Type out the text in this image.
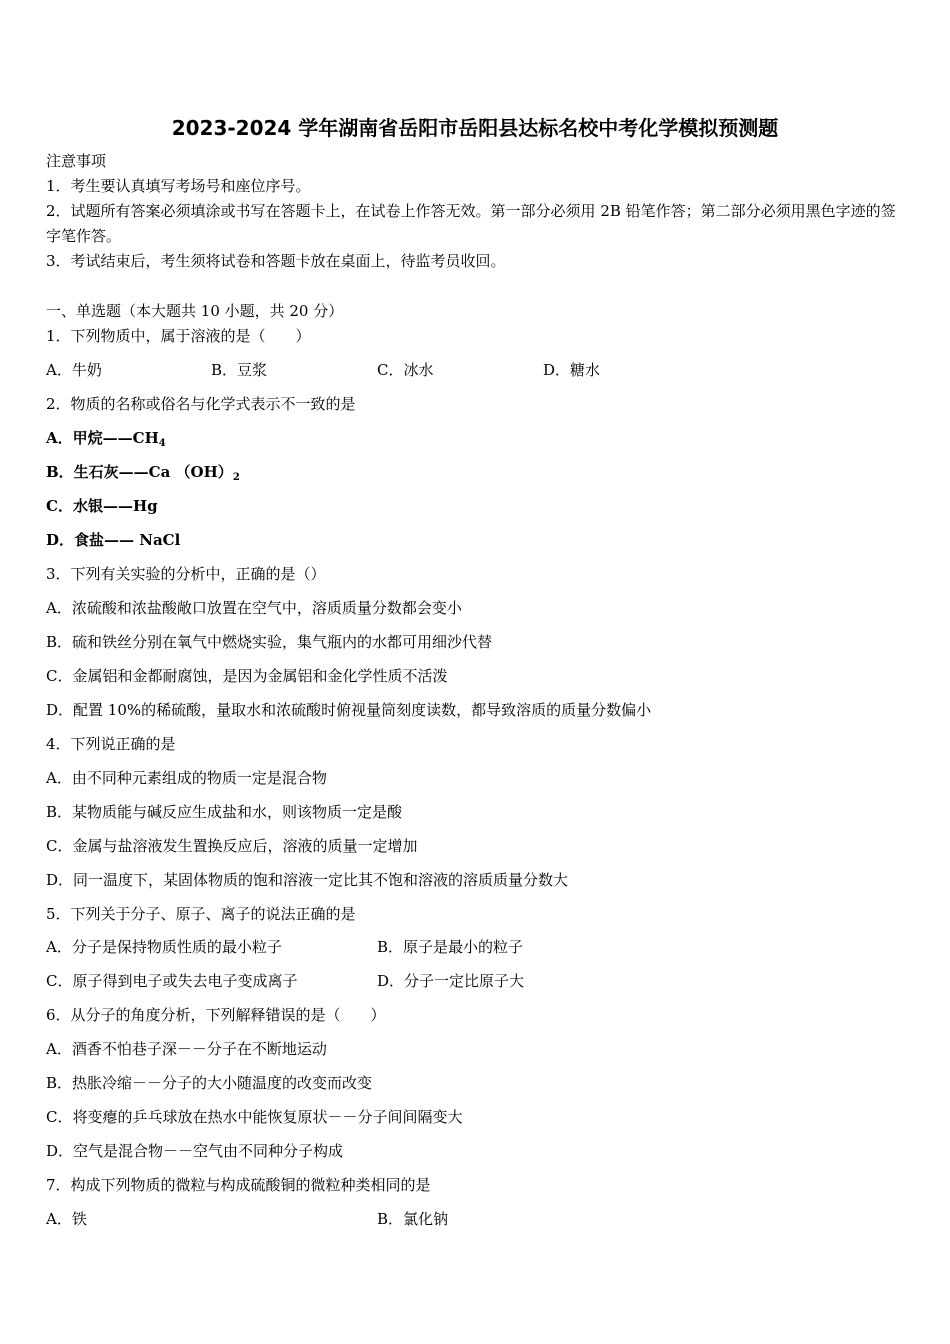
2023-2024 学年湖南省岳阳市岳阳县达标名校中考化学模拟预测题
注意事项
1．考生要认真填写考场号和座位序号。
2．试题所有答案必须填涂或书写在答题卡上，在试卷上作答无效。第一部分必须用 2B 铅笔作答；第二部分必须用黑色字迹的签字笔作答。
3．考试结束后，考生须将试卷和答题卡放在桌面上，待监考员收回。
一、单选题（本大题共 10 小题，共 20 分）
1．下列物质中，属于溶液的是（　　）
A．牛奶	B．豆浆	C．冰水	D．糖水
2．物质的名称或俗名与化学式表示不一致的是
A．甲烷$——CH_4$
B．生石灰——Ca $(OH)_2$
C．水银——Hg
D．食盐—— NaCl
3．下列有关实验的分析中，正确的是（）
A．浓硫酸和浓盐酸敞口放置在空气中，溶质质量分数都会变小
B．硫和铁丝分别在氧气中燃烧实验，集气瓶内的水都可用细沙代替
C．金属铝和金都耐腐蚀，是因为金属铝和金化学性质不活泼
D．配置 10%的稀硫酸，量取水和浓硫酸时俯视量筒刻度读数，都导致溶质的质量分数偏小
4．下列说正确的是
A．由不同种元素组成的物质一定是混合物
B．某物质能与碱反应生成盐和水，则该物质一定是酸
C．金属与盐溶液发生置换反应后，溶液的质量一定增加
D．同一温度下，某固体物质的饱和溶液一定比其不饱和溶液的溶质质量分数大
5．下列关于分子、原子、离子的说法正确的是
A．分子是保持物质性质的最小粒子	B．原子是最小的粒子
C．原子得到电子或失去电子变成离子	D．分子一定比原子大
6．从分子的角度分析，下列解释错误的是（　　）
A．酒香不怕巷子深－－分子在不断地运动
B．热胀冷缩－－分子的大小随温度的改变而改变
C．将变瘪的乒乓球放在热水中能恢复原状－－分子间间隔变大
D．空气是混合物－－空气由不同种分子构成
7．构成下列物质的微粒与构成硫酸铜的微粒种类相同的是
A．铁	B．氯化钠
